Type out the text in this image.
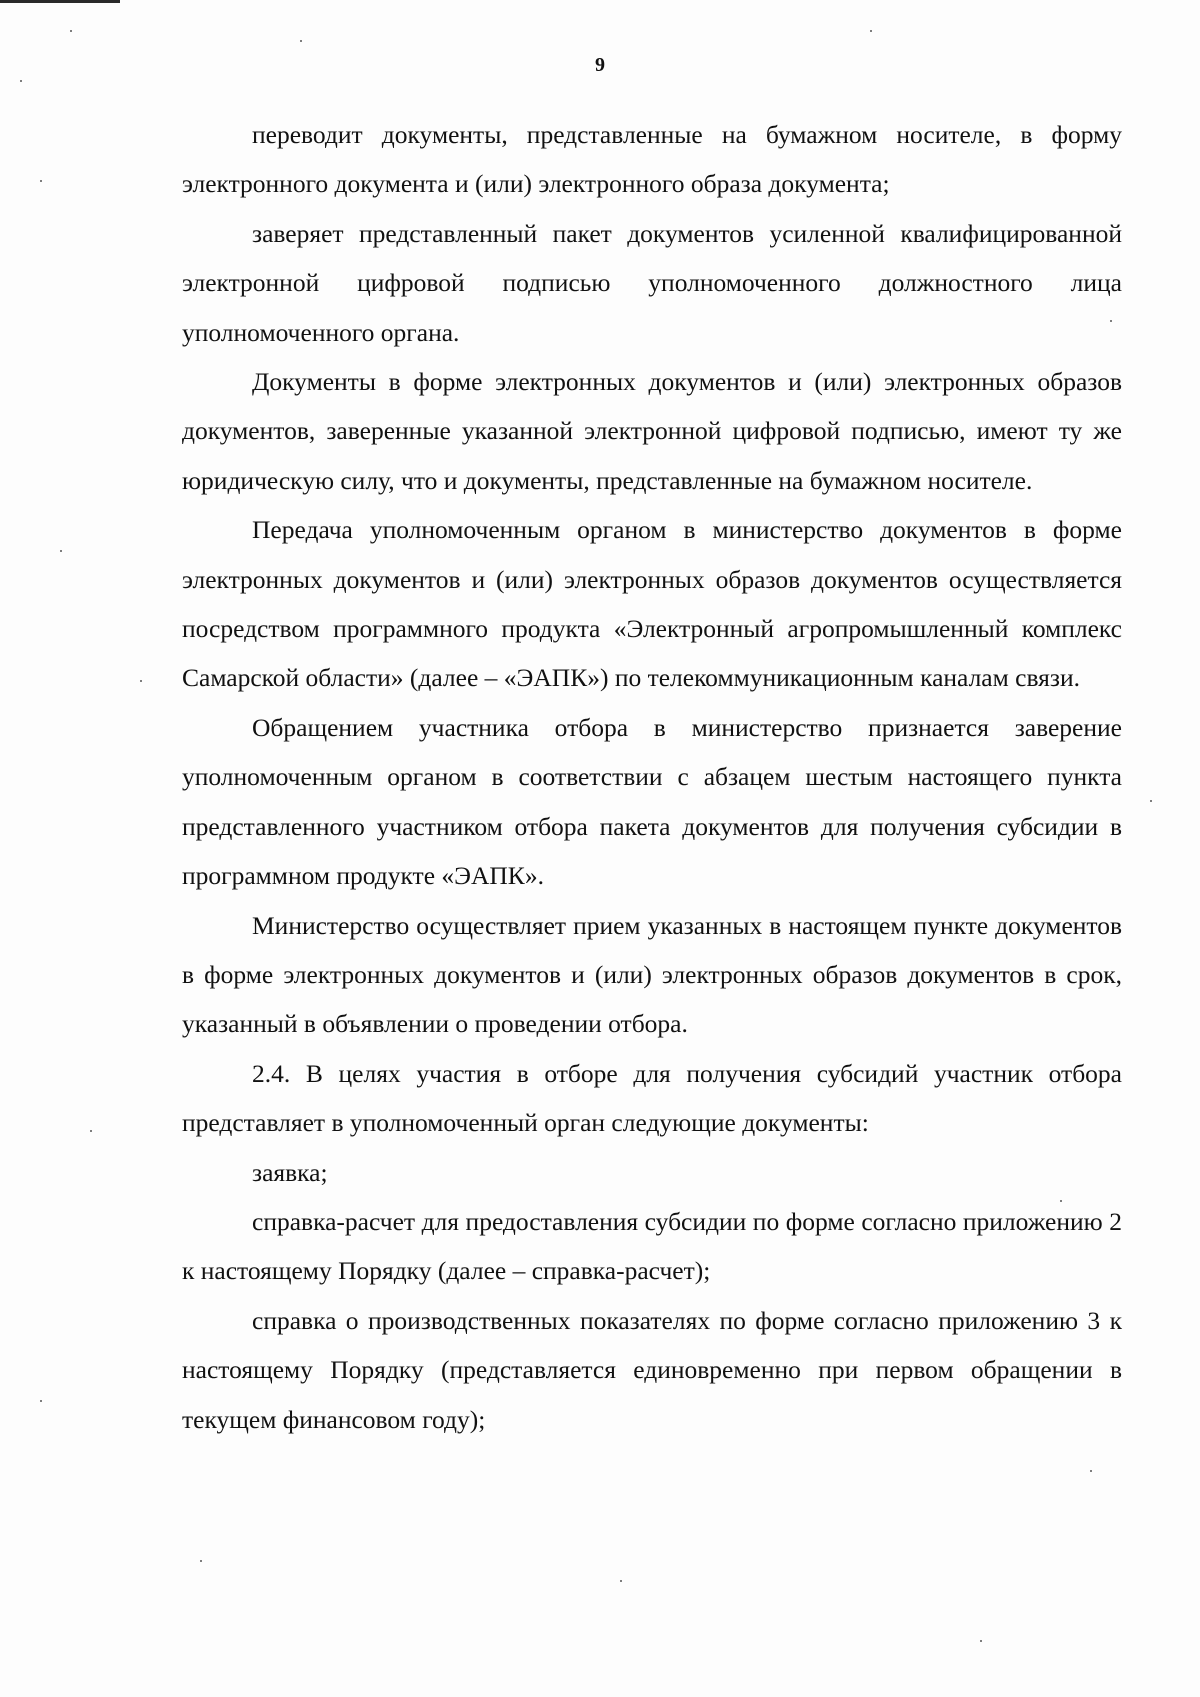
9

переводит документы, представленные на бумажном носителе, в форму электронного документа и (или) электронного образа документа;

заверяет представленный пакет документов усиленной квалифицированной электронной цифровой подписью уполномоченного должностного лица уполномоченного органа.

Документы в форме электронных документов и (или) электронных образов документов, заверенные указанной электронной цифровой подписью, имеют ту же юридическую силу, что и документы, представленные на бумажном носителе.

Передача уполномоченным органом в министерство документов в форме электронных документов и (или) электронных образов документов осуществляется посредством программного продукта «Электронный агропромышленный комплекс Самарской области» (далее – «ЭАПК») по телекоммуникационным каналам связи.

Обращением участника отбора в министерство признается заверение уполномоченным органом в соответствии с абзацем шестым настоящего пункта представленного участником отбора пакета документов для получения субсидии в программном продукте «ЭАПК».

Министерство осуществляет прием указанных в настоящем пункте документов в форме электронных документов и (или) электронных образов документов в срок, указанный в объявлении о проведении отбора.

2.4. В целях участия в отборе для получения субсидий участник отбора представляет в уполномоченный орган следующие документы:

заявка;

справка-расчет для предоставления субсидии по форме согласно приложению 2 к настоящему Порядку (далее – справка-расчет);

справка о производственных показателях по форме согласно приложению 3 к настоящему Порядку (представляется единовременно при первом обращении в текущем финансовом году);
